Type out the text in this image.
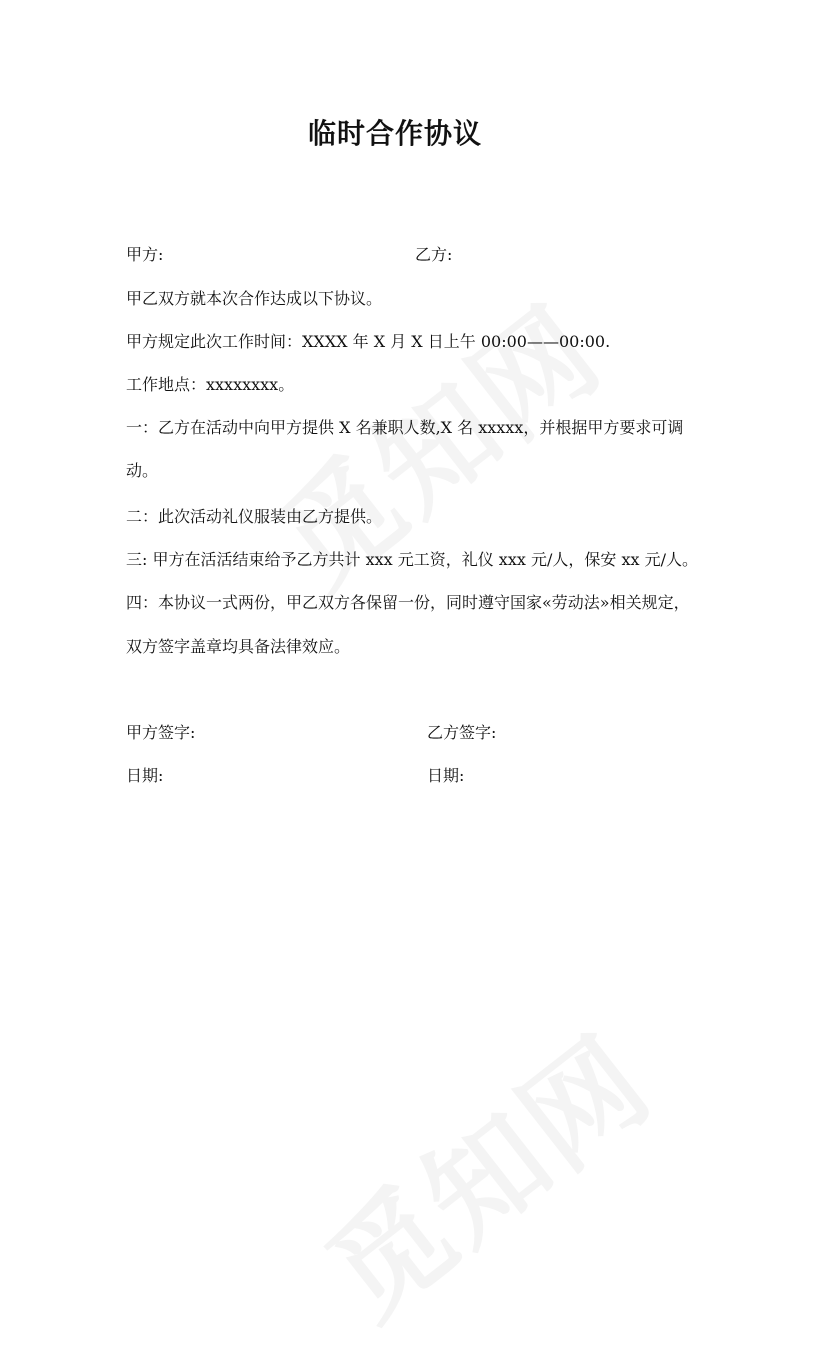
临时合作协议
甲方:	乙方:
甲乙双方就本次合作达成以下协议。
甲方规定此次工作时间：XXXX 年 X 月 X 日上午 00:00——00:00.
工作地点：xxxxxxxx。
一：乙方在活动中向甲方提供 X 名兼职人数,X 名 xxxxx，并根据甲方要求可调
动。
二：此次活动礼仪服装由乙方提供。
三: 甲方在活活结束给予乙方共计 xxx 元工资，礼仪 xxx 元/人，保安 xx 元/人。
四：本协议一式两份，甲乙双方各保留一份，同时遵守国家«劳动法»相关规定，
双方签字盖章均具备法律效应。
甲方签字:	乙方签字:
日期:	日期:
